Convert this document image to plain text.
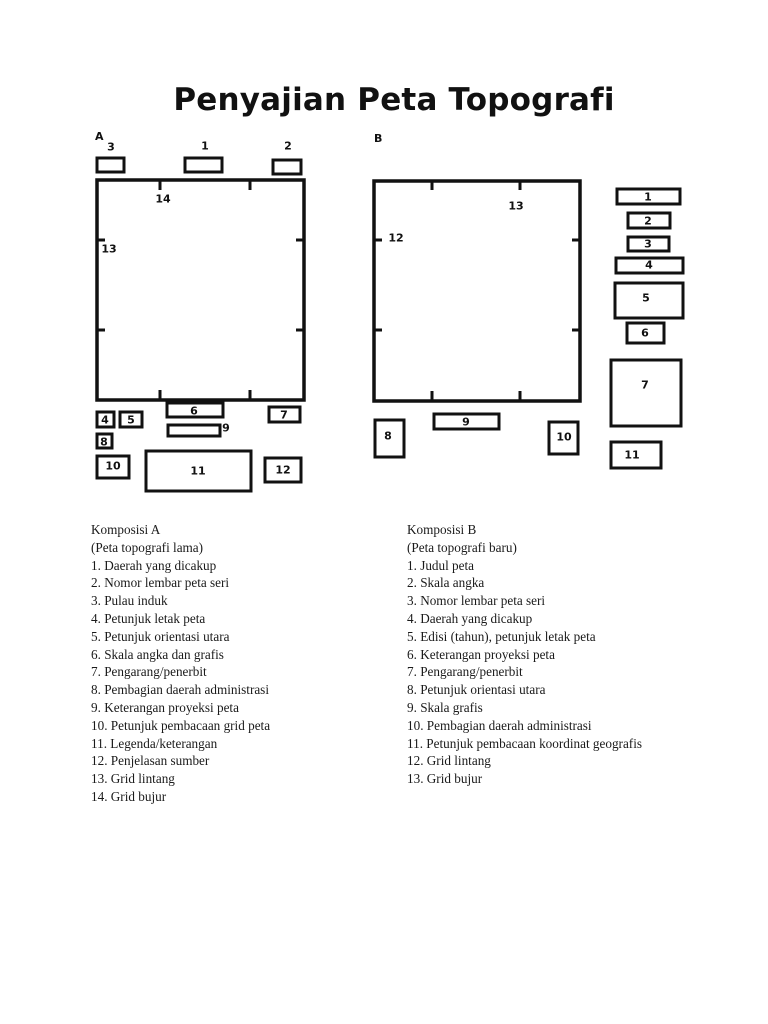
Penyajian Peta Topografi
A
3	1	2
14
13
4 5
6
9
7
8
10	11	12
B
13
12
1
2
3
4
5
6
7
11
8
9
10
Komposisi A
(Peta topografi lama)
1. Daerah yang dicakup
2. Nomor lembar peta seri
3. Pulau induk
4. Petunjuk letak peta
5. Petunjuk orientasi utara
6. Skala angka dan grafis
7. Pengarang/penerbit
8. Pembagian daerah administrasi
9. Keterangan proyeksi peta
10. Petunjuk pembacaan grid peta
11. Legenda/keterangan
12. Penjelasan sumber
13. Grid lintang
14. Grid bujur
Komposisi B
(Peta topografi baru)
1. Judul peta
2. Skala angka
3. Nomor lembar peta seri
4. Daerah yang dicakup
5. Edisi (tahun), petunjuk letak peta
6. Keterangan proyeksi peta
7. Pengarang/penerbit
8. Petunjuk orientasi utara
9. Skala grafis
10. Pembagian daerah administrasi
11. Petunjuk pembacaan koordinat geografis
12. Grid lintang
13. Grid bujur
